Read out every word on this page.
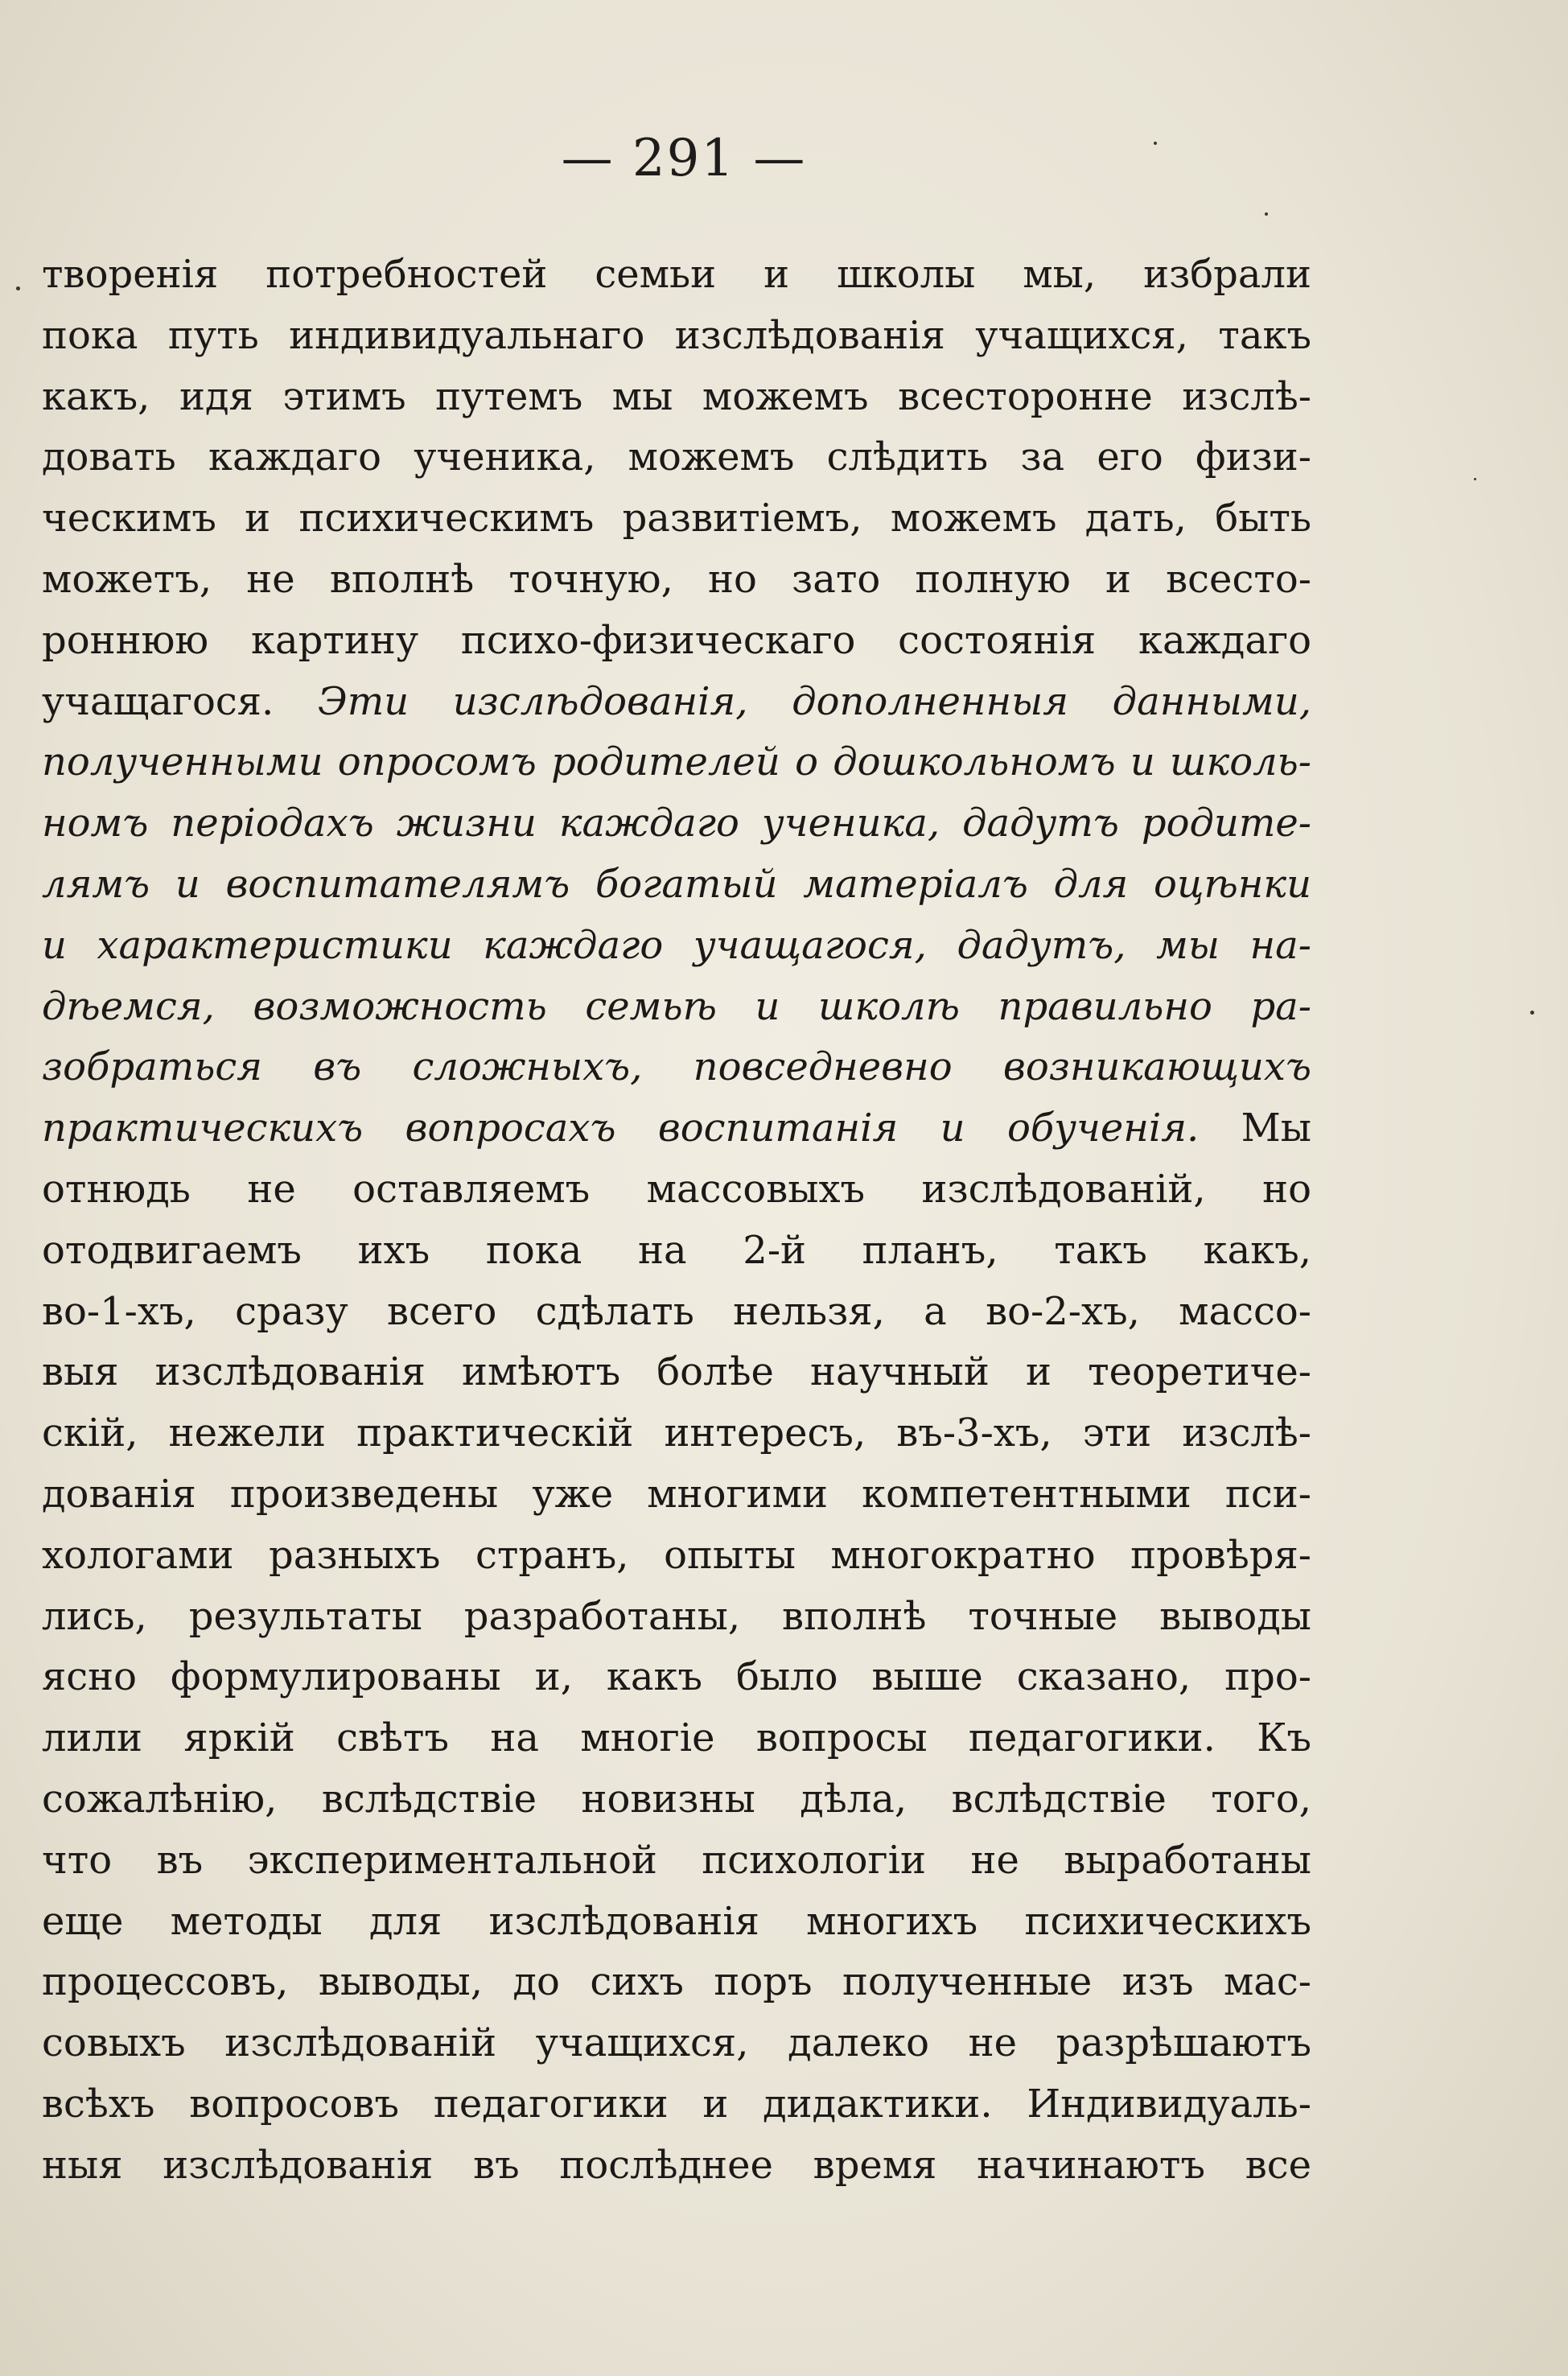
— 291 —
творенія потребностей семьи и школы мы, избрали
пока путь индивидуальнаго изслѣдованія учащихся, такъ
какъ, идя этимъ путемъ мы можемъ всесторонне изслѣ-
довать каждаго ученика, можемъ слѣдить за его физи-
ческимъ и психическимъ развитіемъ, можемъ дать, быть
можетъ, не вполнѣ точную, но зато полную и всесто-
роннюю картину психо-физическаго состоянія каждаго
учащагося. Эти изслѣдованія, дополненныя данными,
полученными опросомъ родителей о дошкольномъ и школь-
номъ періодахъ жизни каждаго ученика, дадутъ родите-
лямъ и воспитателямъ богатый матеріалъ для оцѣнки
и характеристики каждаго учащагося, дадутъ, мы на-
дѣемся, возможность семьѣ и школѣ правильно ра-
зобраться въ сложныхъ, повседневно возникающихъ
практическихъ вопросахъ воспитанія и обученія. Мы
отнюдь не оставляемъ массовыхъ изслѣдованій, но
отодвигаемъ ихъ пока на 2-й планъ, такъ какъ,
во-1-хъ, сразу всего сдѣлать нельзя, а во-2-хъ, массо-
выя изслѣдованія имѣютъ болѣе научный и теоретиче-
скій, нежели практическій интересъ, въ-3-хъ, эти изслѣ-
дованія произведены уже многими компетентными пси-
хологами разныхъ странъ, опыты многократно провѣря-
лись, результаты разработаны, вполнѣ точные выводы
ясно формулированы и, какъ было выше сказано, про-
лили яркій свѣтъ на многіе вопросы педагогики. Къ
сожалѣнію, вслѣдствіе новизны дѣла, вслѣдствіе того,
что въ экспериментальной психологіи не выработаны
еще методы для изслѣдованія многихъ психическихъ
процессовъ, выводы, до сихъ поръ полученные изъ мас-
совыхъ изслѣдованій учащихся, далеко не разрѣшаютъ
всѣхъ вопросовъ педагогики и дидактики. Индивидуаль-
ныя изслѣдованія въ послѣднее время начинаютъ все
